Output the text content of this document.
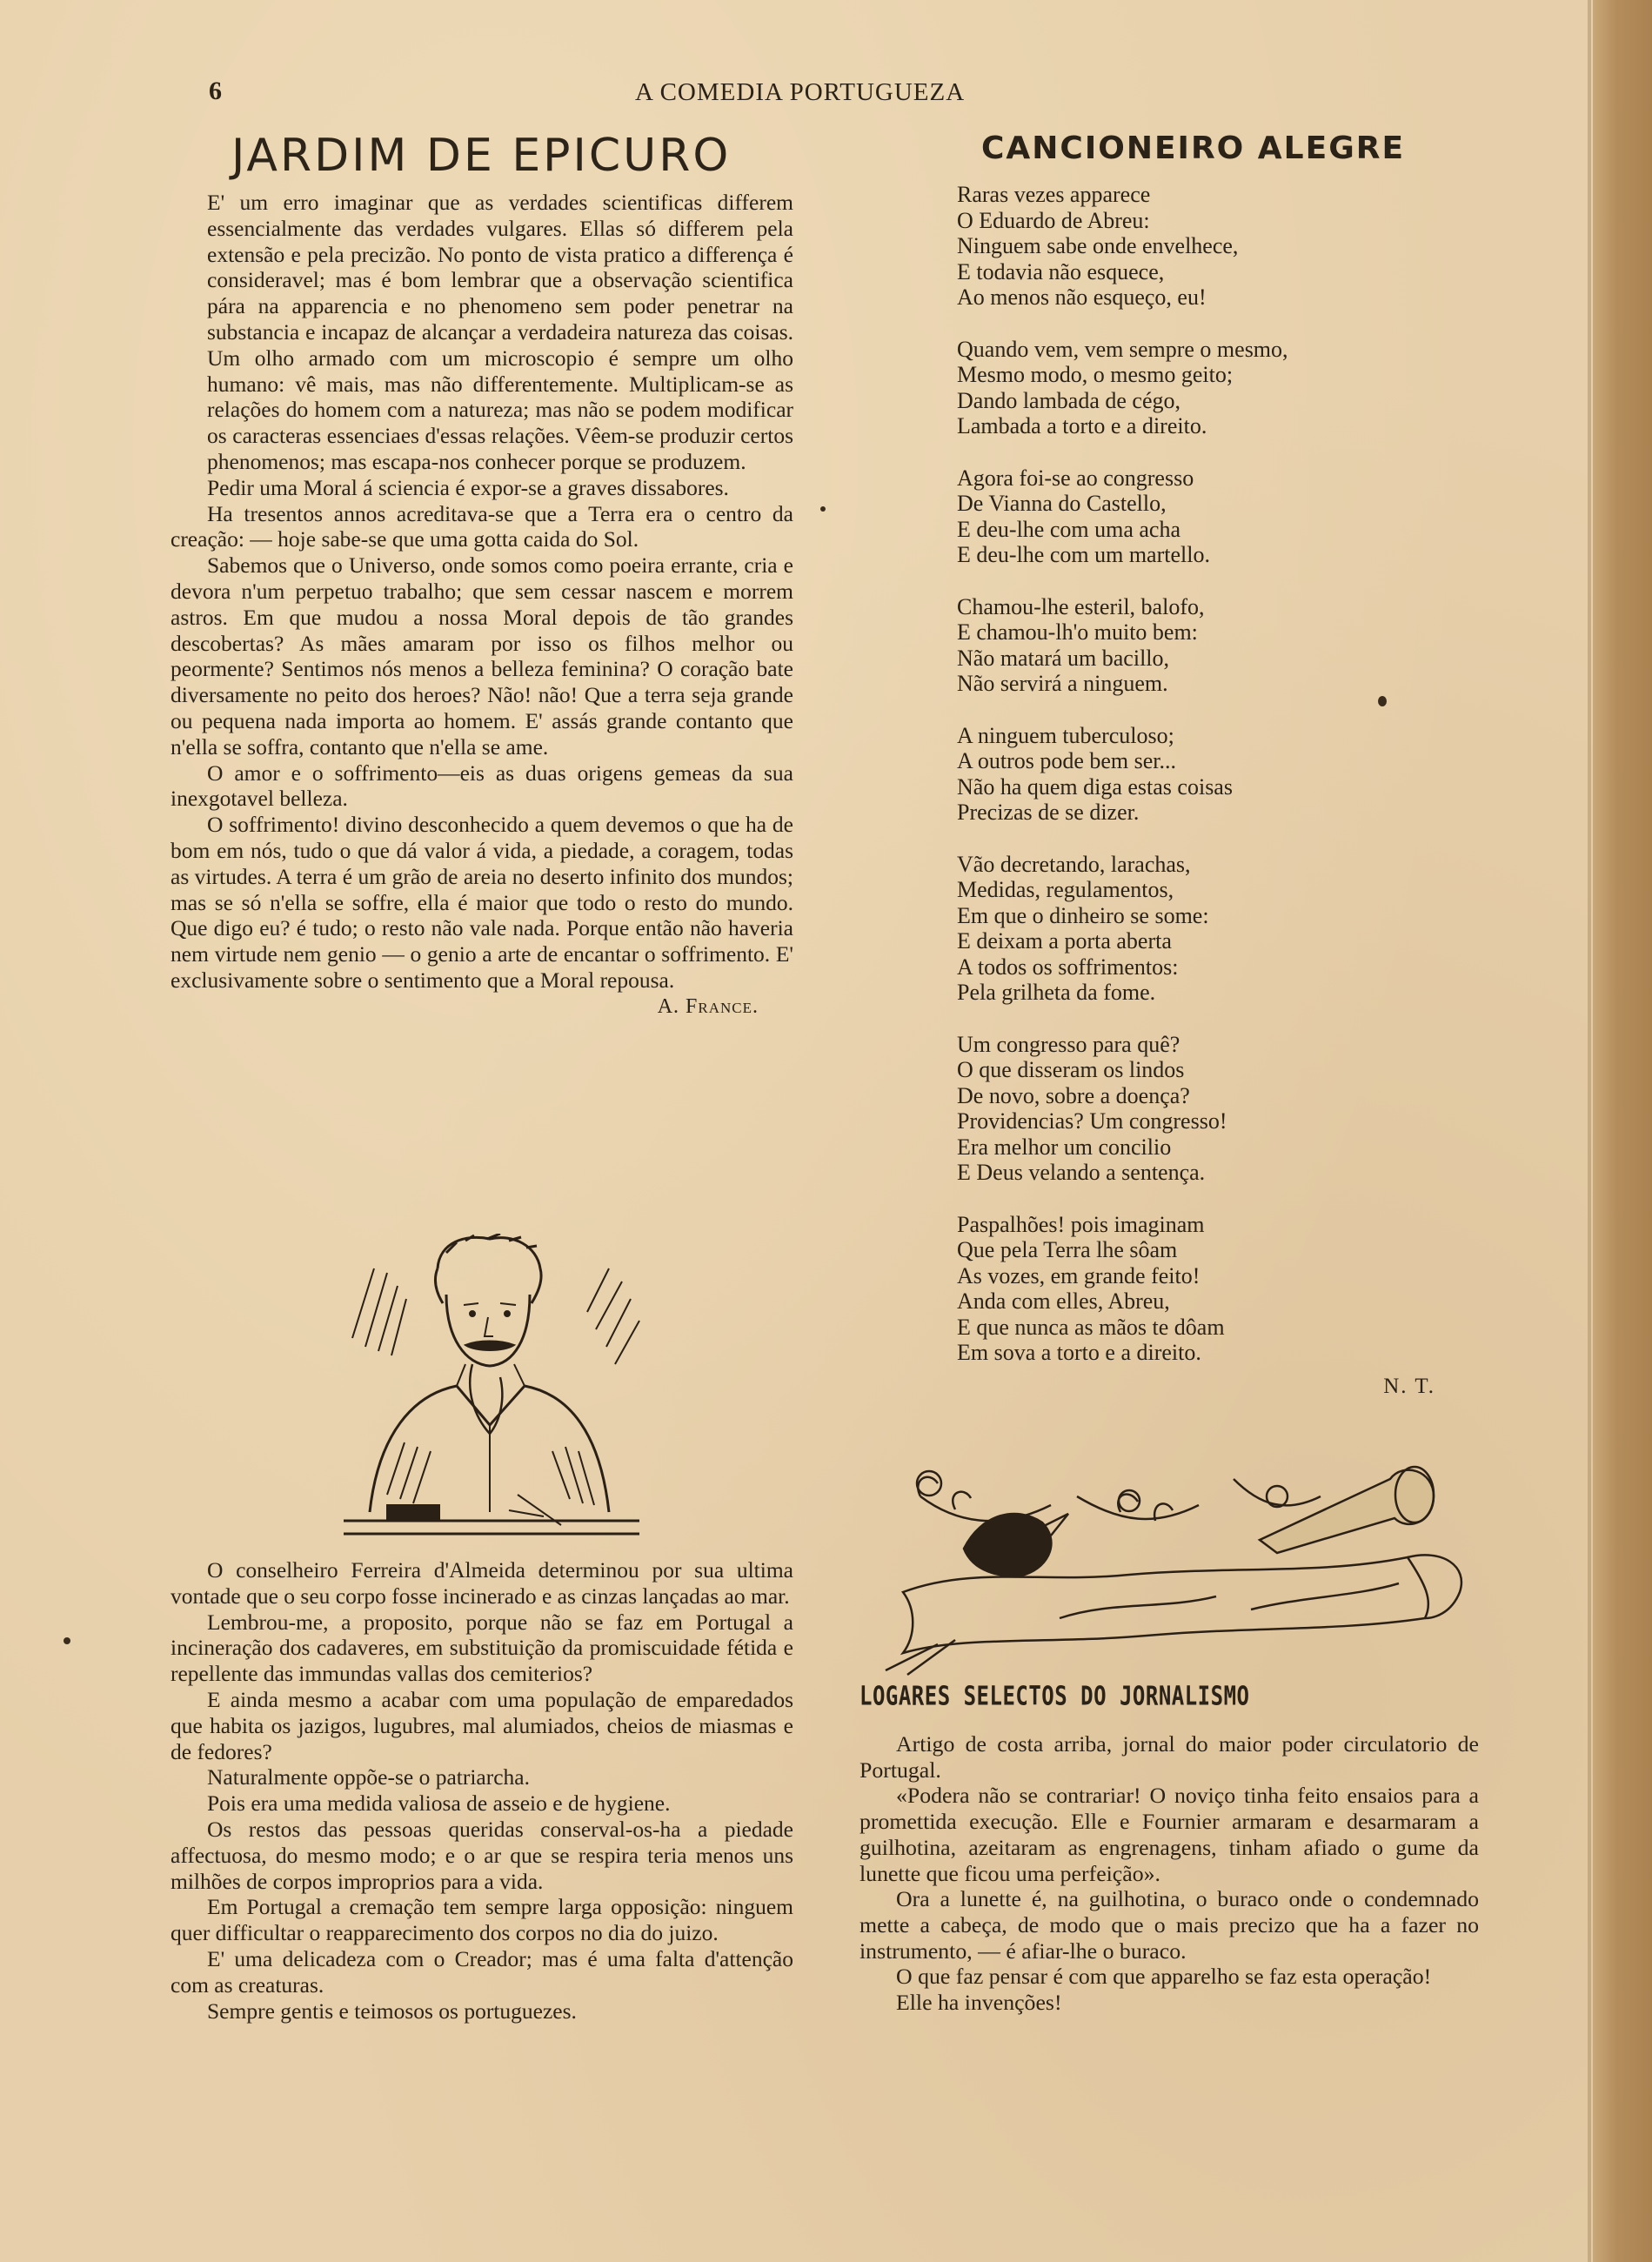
6	A COMEDIA PORTUGUEZA
JARDIM DE EPICURO

E' um erro imaginar que as verdades scientificas differem essencialmente das verdades vulgares. Ellas só differem pela extensão e pela precizão. No ponto de vista pratico a differença é consideravel; mas é bom lembrar que a observação scientifica pára na apparencia e no phenomeno sem poder penetrar na substancia e incapaz de alcançar a verdadeira natureza das coisas. Um olho armado com um microscopio é sempre um olho humano: vê mais, mas não differentemente. Multiplicam-se as relações do homem com a natureza; mas não se podem modificar os caracteras essenciaes d'essas relações. Vêem-se produzir certos phenomenos; mas escapa-nos conhecer porque se produzem.

Pedir uma Moral á sciencia é expor-se a graves dissabores.

Ha tresentos annos acreditava-se que a Terra era o centro da creação: — hoje sabe-se que uma gotta caida do Sol.

Sabemos que o Universo, onde somos como poeira errante, cria e devora n'um perpetuo trabalho; que sem cessar nascem e morrem astros. Em que mudou a nossa Moral depois de tão grandes descobertas? As mães amaram por isso os filhos melhor ou peormente? Sentimos nós menos a belleza feminina? O coração bate diversamente no peito dos heroes? Não! não! Que a terra seja grande ou pequena nada importa ao homem. E' assás grande contanto que n'ella se soffra, contanto que n'ella se ame.

O amor e o soffrimento—eis as duas origens gemeas da sua inexgotavel belleza.

O soffrimento! divino desconhecido a quem devemos o que ha de bom em nós, tudo o que dá valor á vida, a piedade, a coragem, todas as virtudes. A terra é um grão de areia no deserto infinito dos mundos; mas se só n'ella se soffre, ella é maior que todo o resto do mundo. Que digo eu? é tudo; o resto não vale nada. Porque então não haveria nem virtude nem genio — o genio a arte de encantar o soffrimento. E' exclusivamente sobre o sentimento que a Moral repousa.

A. France.

O conselheiro Ferreira d'Almeida determinou por sua ultima vontade que o seu corpo fosse incinerado e as cinzas lançadas ao mar.

Lembrou-me, a proposito, porque não se faz em Portugal a incineração dos cadaveres, em substituição da promiscuidade fétida e repellente das immundas vallas dos cemiterios?

E ainda mesmo a acabar com uma população de emparedados que habita os jazigos, lugubres, mal alumiados, cheios de miasmas e de fedores?

Naturalmente oppõe-se o patriarcha.

Pois era uma medida valiosa de asseio e de hygiene.

Os restos das pessoas queridas conserval-os-ha a piedade affectuosa, do mesmo modo; e o ar que se respira teria menos uns milhões de corpos improprios para a vida.

Em Portugal a cremação tem sempre larga opposição: ninguem quer difficultar o reapparecimento dos corpos no dia do juizo.

E' uma delicadeza com o Creador; mas é uma falta d'attenção com as creaturas.

Sempre gentis e teimosos os portuguezes.

CANCIONEIRO ALEGRE
Raras vezes apparece
O Eduardo de Abreu:
Ninguem sabe onde envelhece,
E todavia não esquece,
Ao menos não esqueço, eu!
Quando vem, vem sempre o mesmo,
Mesmo modo, o mesmo geito;
Dando lambada de cégo,
Lambada a torto e a direito.
Agora foi-se ao congresso
De Vianna do Castello,
E deu-lhe com uma acha
E deu-lhe com um martello.
Chamou-lhe esteril, balofo,
E chamou-lh'o muito bem:
Não matará um bacillo,
Não servirá a ninguem.
A ninguem tuberculoso;
A outros pode bem ser...
Não ha quem diga estas coisas
Precizas de se dizer.
Vão decretando, larachas,
Medidas, regulamentos,
Em que o dinheiro se some:
E deixam a porta aberta
A todos os soffrimentos:
Pela grilheta da fome.
Um congresso para quê?
O que disseram os lindos
De novo, sobre a doença?
Providencias? Um congresso!
Era melhor um concilio
E Deus velando a sentença.
Paspalhões! pois imaginam
Que pela Terra lhe sôam
As vozes, em grande feito!
Anda com elles, Abreu,
E que nunca as mãos te dôam
Em sova a torto e a direito.
N. T.
LOGARES SELECTOS DO JORNALISMO

Artigo de costa arriba, jornal do maior poder circulatorio de Portugal.

«Podera não se contrariar! O noviço tinha feito ensaios para a promettida execução. Elle e Fournier armaram e desarmaram a guilhotina, azeitaram as engrenagens, tinham afiado o gume da lunette que ficou uma perfeição».

Ora a lunette é, na guilhotina, o buraco onde o condemnado mette a cabeça, de modo que o mais precizo que ha a fazer no instrumento, — é afiar-lhe o buraco.

O que faz pensar é com que apparelho se faz esta operação!

Elle ha invenções!
